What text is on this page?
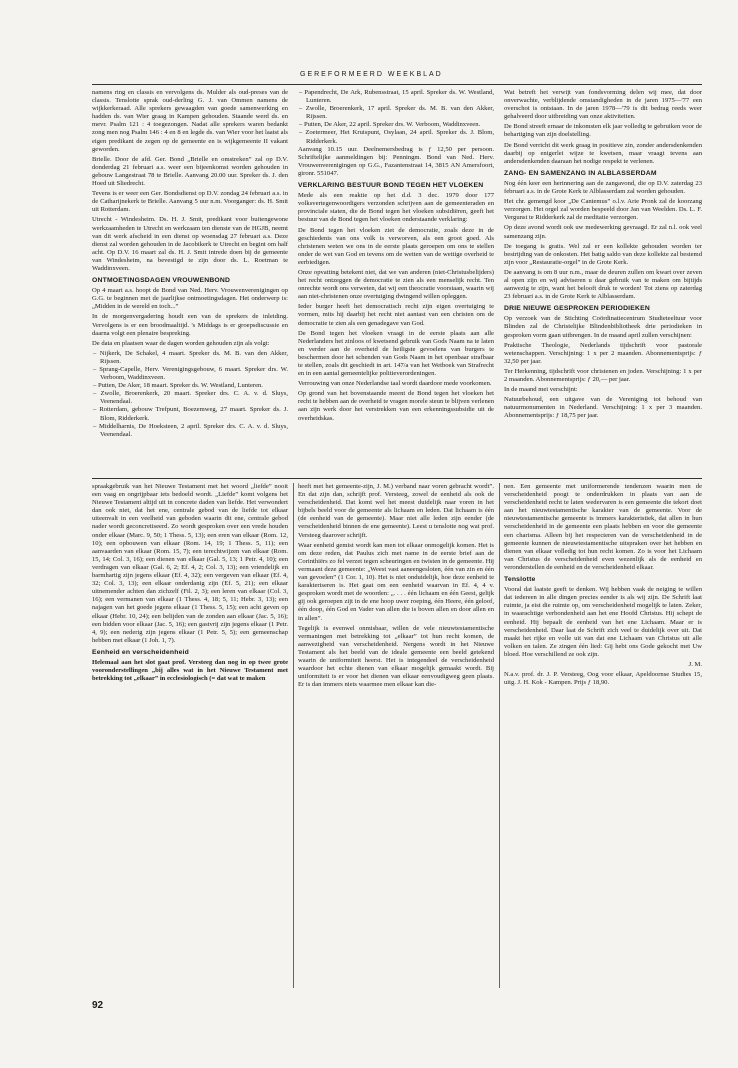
GEREFORMEERD WEEKBLAD

namens ring en classis en vervolgens ds. Mulder als oud-preses van de classis. Tenslotte sprak oud-derling G. J. van Ommen namens de wijkkerkeraad. Alle sprekers gewaagden van goede samenwerking en hadden ds. van Wier graag in Kampen gehouden. Staande werd ds. en mevr. Psalm 121 : 4 toegezongen. Nadat alle sprekers waren bedankt zong men nog Psalm 146 : 4 en 8 en legde ds. van Wier voor het laatst als eigen predikant de zegen op de gemeente en is wijkgemeente II vakant geworden.

Brielle. Door de afd. Ger. Bond „Brielle en omstreken” zal op D.V. donderdag 21 februari a.s. weer een bijeenkomst worden gehouden in gebouw Langestraat 78 te Brielle. Aanvang 20.00 uur. Spreker ds. J. den Hoed uit Sliedrecht.

Tevens is er weer een Ger. Bondsdienst op D.V. zondag 24 februari a.s. in de Catharijnekerk te Brielle. Aanvang 5 uur n.m. Voorganger: ds. H. Smit uit Rotterdam.

Utrecht - Windesheim. Ds. H. J. Smit, predikant voor buitengewone werkzaamheden te Utrecht en werkzaam ten dienste van de HGJB, neemt van dit werk afscheid in een dienst op woensdag 27 februari a.s. Deze dienst zal worden gehouden in de Jacobikerk te Utrecht en begint om half acht. Op D.V. 16 maart zal ds. H. J. Smit intrede doen bij de gemeente van Windesheim, na bevestigd te zijn door ds. L. Roetman te Waddinxveen.

ONTMOETINGSDAGEN VROUWENBOND

Op 4 maart a.s. hoopt de Bond van Ned. Herv. Vrouwenverenigingen op G.G. te beginnen met de jaarlijkse ontmoetingsdagen. Het onderwerp is: „Midden in de wereld en toch...”

In de morgenvergadering houdt een van de sprekers de inleiding. Vervolgens is er een broodmaaltijd. 's Middags is er groepsdiscussie en daarna volgt een plenaire bespreking.

De data en plaatsen waar de dagen worden gehouden zijn als volgt:

– Nijkerk, De Schakel, 4 maart. Spreker ds. M. B. van den Akker, Rijssen.
– Sprang-Capelle, Herv. Verenigingsgebouw, 6 maart. Spreker drs. W. Verboom, Waddinxveen.
– Putten, De Aker, 18 maart. Spreker ds. W. Westland, Lunteren.
– Zwolle, Broerenkerk, 20 maart. Spreker drs. C. A. v. d. Sluys, Veenendaal.
– Rotterdam, gebouw Trefpunt, Boezemweg, 27 maart. Spreker ds. J. Blom, Ridderkerk.
– Middelharnis, De Hoeksteen, 2 april. Spreker drs. C. A. v. d. Sluys, Veenendaal.
– Papendrecht, De Ark, Rubensstraat, 15 april. Spreker ds. W. Westland, Lunteren.
– Zwolle, Broerenkerk, 17 april. Spreker ds. M. B. van den Akker, Rijssen.
– Putten, De Aker, 22 april. Spreker drs. W. Verboom, Waddinxveen.
– Zoetermeer, Het Kruispunt, Osylaan, 24 april. Spreker ds. J. Blom, Ridderkerk.

Aanvang 10.15 uur. Deelnemersbedrag is ƒ 12,50 per persoon. Schriftelijke aanmeldingen bij: Penningm. Bond van Ned. Herv. Vrouwenverenigingen op G.G., Fazantenstraat 14, 3815 AN Amersfoort, gironr. 551047.

VERKLARING BESTUUR BOND TEGEN HET VLOEKEN

Mede als een reaktie op het d.d. 3 dec. 1979 door 177 volksvertegenwoordigers verzonden schrijven aan de gemeenteraden en provinciale staten, die de Bond tegen het vloeken subsidiëren, geeft het bestuur van de Bond tegen het vloeken onderstaande verklaring:

De Bond tegen het vloeken ziet de democratie, zoals deze in de geschiedenis van ons volk is verworven, als een groot goed. Als christenen weten we ons in de eerste plaats geroepen om ons te stellen onder de wet van God en tevens om de wetten van de wettige overheid te eerbiedigen.

Onze opvatting betekent niet, dat we van anderen (niet-Christusbelijders) het recht ontzeggen de democratie te zien als een menselijk recht. Ten onrechte wordt ons verweten, dat wij een theocratie voorstaan, waarin wij aan niet-christenen onze overtuiging dwingend willen opleggen.

Ieder burger heeft het democratisch recht zijn eigen overtuiging te vormen, mits hij daarbij het recht niet aantast van een christen om de democratie te zien als een genadegave van God.

De Bond tegen het vloeken vraagt in de eerste plaats aan alle Nederlanders het zinloos of kwetsend gebruik van Gods Naam na te laten en verder aan de overheid de heiligste gevoelens van burgers te beschermen door het schenden van Gods Naam in het openbaar strafbaar te stellen, zoals dit geschiedt in art. 147/a van het Wetboek van Strafrecht en in een aantal gemeentelijke politieverordeningen.

Verrouwing van onze Nederlandse taal wordt daardoor mede voorkomen.

Op grond van het bovenstaande meent de Bond tegen het vloeken het recht te hebben aan de overheid te vragen morele steun te blijven verlenen aan zijn werk door het verstrekken van een erkenningssubsidie uit de overheidskas.

Wat betreft het verwijt van fondsvorming delen wij mee, dat door onverwachte, verblijdende omstandigheden in de jaren 1975—'77 een overschot is ontstaan. In de jaren 1978—'79 is dit bedrag reeds weer gehalveerd door uitbreiding van onze aktiviteiten.

De Bond streeft ernaar de inkomsten elk jaar volledig te gebruiken voor de behartiging van zijn doelstelling.

De Bond verricht dit werk graag in positieve zin, zonder andersdenkenden daarbij op enigerlei wijze te kwetsen, maar vraagt tevens aan andersdenkenden daaraan het nodige respekt te verlenen.

ZANG- EN SAMENZANG IN ALBLASSERDAM

Nog één keer een herinnering aan de zangavond, die op D.V. zaterdag 23 februari a.s. in de Grote Kerk te Alblasserdam zal worden gehouden.

Het chr. gemengd koor „De Cantemus” o.l.v. Arie Pronk zal de koorzang verzorgen. Het orgel zal worden bespeeld door Jan van Weelden. Ds. L. F. Vergunst te Ridderkerk zal de meditatie verzorgen.

Op deze avond wordt ook uw medewerking gevraagd. Er zal n.l. ook veel samenzang zijn.

De toegang is gratis. Wel zal er een kollekte gehouden worden ter bestrijding van de onkosten. Het batig saldo van deze kollekte zal bestemd zijn voor „Restauratie-orgel” in de Grote Kerk.

De aanvang is om 8 uur n.m., maar de deuren zullen om kwart over zeven al open zijn en wij adviseren u daar gebruik van te maken om bijtijds aanwezig te zijn, want het belooft druk te worden! Tot ziens op zaterdag 23 februari a.s. in de Grote Kerk te Alblasserdam.

DRIE NIEUWE GESPROKEN PERIODIEKEN

Op verzoek van de Stichting Coördinatiecentrum Studieteeltuur voor Blinden zal de Christelijke Blindenbibliotheek drie periodieken in gesproken vorm gaan uitbrengen. In de maand april zullen verschijnen:

Praktische Theologie, Nederlands tijdschrift voor pastorale wetenschappen. Verschijning: 1 x per 2 maanden. Abonnementsprijs: ƒ 32,50 per jaar.

Ter Herkenning, tijdschrift voor christenen en joden. Verschijning: 1 x per 2 maanden. Abonnementsprijs: ƒ 20,— per jaar.

In de maand mei verschijnt:

Natuurbehoud, een uitgave van de Vereniging tot behoud van natuurmonumenten in Nederland. Verschijning: 1 x per 3 maanden. Abonnementsprijs: ƒ 18,75 per jaar.

spraakgebruik van het Nieuwe Testament met het woord „liefde” nooit een vaag en ongrijpbaar iets bedoeld wordt. „Liefde” komt volgens het Nieuwe Testament altijd uit in concrete daden van liefde. Het verwondert dan ook niet, dat het ene, centrale gebod van de liefde tot elkaar uiteenvalt in een veelheid van geboden waarin dit ene, centrale gebod nader wordt geconcretiseerd. Zo wordt gesproken over een vrede houden onder elkaar (Marc. 9, 50; 1 Thess. 5, 13); een eren van elkaar (Rom. 12, 10); een opbouwen van elkaar (Rom. 14, 19; 1 Thess. 5, 11); een aanvaarden van elkaar (Rom. 15, 7); een terechtwijzen van elkaar (Rom. 15, 14; Col. 3, 16); een dienen van elkaar (Gal. 5, 13; 1 Petr. 4, 10); een verdragen van elkaar (Gal. 6, 2; Ef. 4, 2; Col. 3, 13); een vriendelijk en barmhartig zijn jegens elkaar (Ef. 4, 32); een vergeven van elkaar (Ef. 4, 32; Col. 3, 13); een elkaar onderdanig zijn (Ef. 5, 21); een elkaar uitnemender achten dan zichzelf (Fil. 2, 3); een leren van elkaar (Col. 3, 16); een vermanen van elkaar (1 Thess. 4, 18; 5, 11; Hebr. 3, 13); een najagen van het goede jegens elkaar (1 Thess. 5, 15); een acht geven op elkaar (Hebr. 10, 24); een belijden van de zonden aan elkaar (Jac. 5, 16); een bidden voor elkaar (Jac. 5, 16); een gastvrij zijn jegens elkaar (1 Petr. 4, 9); een nederig zijn jegens elkaar (1 Petr. 5, 5); een gemeenschap hebben met elkaar (1 Joh. 1, 7).

Eenheid en verscheidenheid

Helemaal aan het slot gaat prof. Versteeg dan nog in op twee grote vooronderstellingen „bij alles wat in het Nieuwe Testament met betrekking tot „elkaar” in ecclesiologisch (= dat wat te maken

heeft met het gemeente-zijn, J. M.) verband naar voren gebracht wordt”. En dat zijn dan, schrijft prof. Versteeg, zowel de eenheid als ook de verscheidenheid. Dat komt wel het meest duidelijk naar voren in het bijbels beeld voor de gemeente als lichaam en leden. Dat lichaam is één (de eenheid van de gemeente). Maar niet alle leden zijn eender (de verscheidenheid binnen de ene gemeente). Leest u tenslotte nog wat prof. Versteeg daarover schrijft.

Waar eenheid gemist wordt kan men tot elkaar onmogelijk komen. Het is om deze reden, dat Paulus zich met name in de eerste brief aan de Corinthiërs zo fel verzet tegen scheuringen en twisten in de gemeente. Hij vermaant deze gemeente: „Weest vast aaneengesloten, één van zin en één van gevoelen” (1 Cor. 1, 10). Het is niet onduidelijk, hoe deze eenheid te karakteriseren is. Het gaat om een eenheid waarvan in Ef. 4, 4 v. gesproken wordt met de woorden: „. . . . één lichaam en één Geest, gelijk gij ook geroepen zijt in de ene hoop uwer roeping, één Heere, één geloof, één doop, één God en Vader van allen die is boven allen en door allen en in allen”.

Tegelijk is evenwel onmisbaar, willen de vele nieuwtestamentische vermaningen met betrekking tot „elkaar” tot hun recht komen, de aanwezigheid van verscheidenheid. Nergens wordt in het Nieuwe Testament als het beeld van de ideale gemeente een beeld getekend waarin de uniformiteit heerst. Het is integendeel de verscheidenheid waardoor het echte dienen van elkaar mogelijk gemaakt wordt. Bij uniformiteit is er voor het dienen van elkaar eenvoudigweg geen plaats. Er is dan immers niets waarmee men elkaar kan die-

nen. Een gemeente met uniformerende tendenzen waarin men de verscheidenheid poogt te onderdrukken in plaats van aan de verscheidenheid recht te laten wedervaren is een gemeente die tekort doet aan het nieuwtestamentische karakter van de gemeente. Voor de nieuwtestamentische gemeente is immers karakteristiek, dat allen in hun verscheidenheid in de gemeente een plaats hebben en voor die gemeente een charisma. Alleen bij het respecteren van de verscheidenheid in de gemeente kunnen de nieuwtestamentische uitspraken over het hebben en dienen van elkaar volledig tot hun recht komen. Zo is voor het Lichaam van Christus de verscheidenheid even wezenlijk als de eenheid en veronderstellen de eenheid en de verscheidenheid elkaar.

Tenslotte

Vooral dat laatste geeft te denken. Wij hebben vaak de neiging te willen dat iedereen in alle dingen precies eender is als wij zijn. De Schrift laat ruimte, ja eist die ruimte op, om verscheidenheid mogelijk te laten. Zeker, in waarachtige verbondenheid aan het ene Hoofd Christus. Hij schept de eenheid. Hij bepaalt de eenheid van het ene Lichaam. Maar er is verscheidenheid. Daar laat de Schrift zich veel te duidelijk over uit. Dat maakt het rijke en volle uit van dat ene Lichaam van Christus uit alle volken en talen. Ze zingen één lied: Gij hebt ons Gode gekocht met Uw bloed. Hoe verschillend ze ook zijn.

J. M.

N.a.v. prof. dr. J. P. Versteeg, Oog voor elkaar, Apeldoornse Studies 15, uitg. J. H. Kok - Kampen. Prijs ƒ 18,90.

92
